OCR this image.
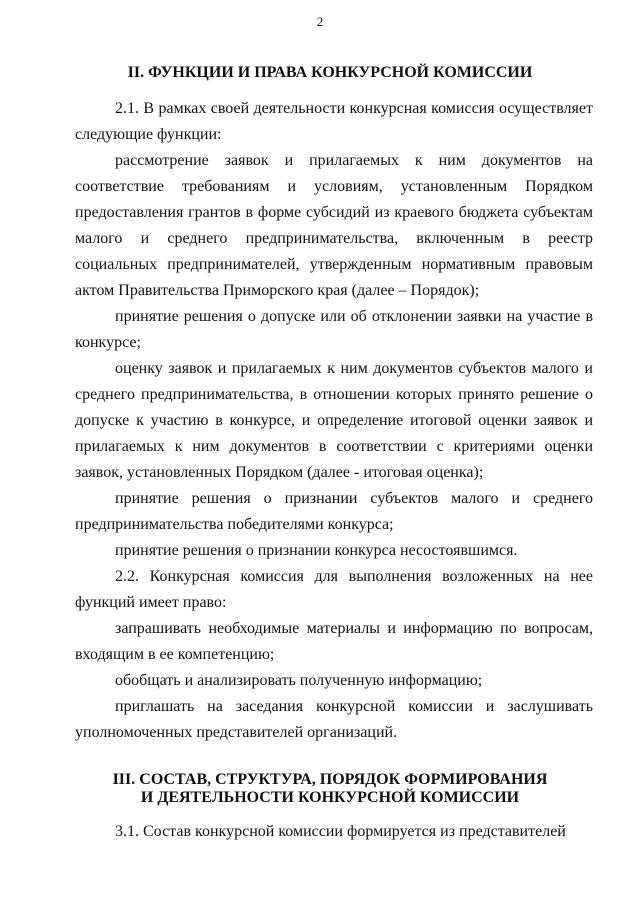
2
II. ФУНКЦИИ И ПРАВА КОНКУРСНОЙ КОМИССИИ

2.1. В рамках своей деятельности конкурсная комиссия осуществляет следующие функции:

рассмотрение заявок и прилагаемых к ним документов на соответствие требованиям и условиям, установленным Порядком предоставления грантов в форме субсидий из краевого бюджета субъектам малого и среднего предпринимательства, включенным в реестр социальных предпринимателей, утвержденным нормативным правовым актом Правительства Приморского края (далее – Порядок);

принятие решения о допуске или об отклонении заявки на участие в конкурсе;

оценку заявок и прилагаемых к ним документов субъектов малого и среднего предпринимательства, в отношении которых принято решение о допуске к участию в конкурсе, и определение итоговой оценки заявок и прилагаемых к ним документов в соответствии с критериями оценки заявок, установленных Порядком (далее - итоговая оценка);

принятие решения о признании субъектов малого и среднего предпринимательства победителями конкурса;

принятие решения о признании конкурса несостоявшимся.

2.2. Конкурсная комиссия для выполнения возложенных на нее функций имеет право:

запрашивать необходимые материалы и информацию по вопросам, входящим в ее компетенцию;

обобщать и анализировать полученную информацию;

приглашать на заседания конкурсной комиссии и заслушивать уполномоченных представителей организаций.

III. СОСТАВ, СТРУКТУРА, ПОРЯДОК ФОРМИРОВАНИЯ
И ДЕЯТЕЛЬНОСТИ КОНКУРСНОЙ КОМИССИИ

3.1. Состав конкурсной комиссии формируется из представителей
